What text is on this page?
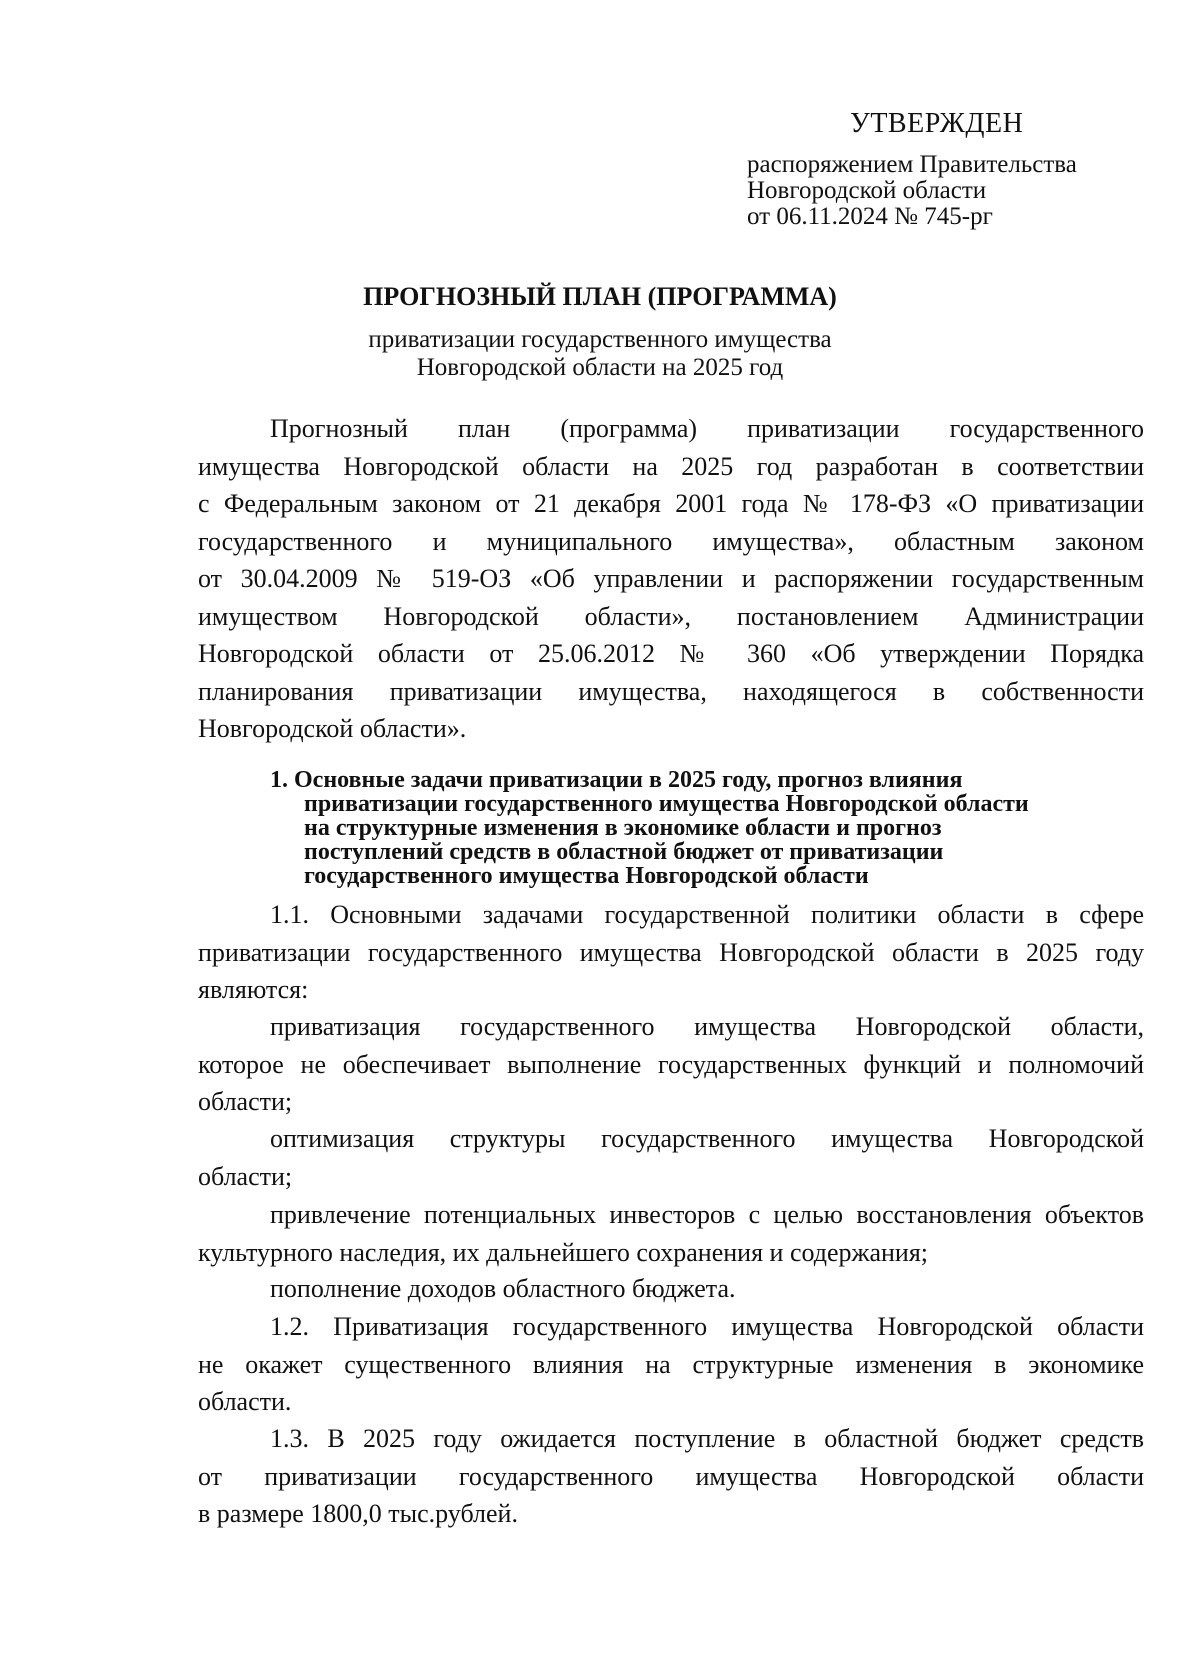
УТВЕРЖДЕН
распоряжением Правительства
Новгородской области
от 06.11.2024 № 745-рг
ПРОГНОЗНЫЙ ПЛАН (ПРОГРАММА)
приватизации государственного имущества
Новгородской области на 2025 год
Прогнозный план (программа) приватизации государственного
имущества Новгородской области на 2025 год разработан в соответствии
с Федеральным законом от 21 декабря 2001 года № 178-ФЗ «О приватизации
государственного и муниципального имущества», областным законом
от 30.04.2009 № 519-ОЗ «Об управлении и распоряжении государственным
имуществом Новгородской области», постановлением Администрации
Новгородской области от 25.06.2012 № 360 «Об утверждении Порядка
планирования приватизации имущества, находящегося в собственности
Новгородской области».
1. Основные задачи приватизации в 2025 году, прогноз влияния
приватизации государственного имущества Новгородской области
на структурные изменения в экономике области и прогноз
поступлений средств в областной бюджет от приватизации
государственного имущества Новгородской области
1.1. Основными задачами государственной политики области в сфере
приватизации государственного имущества Новгородской области в 2025 году
являются:
приватизация государственного имущества Новгородской области,
которое не обеспечивает выполнение государственных функций и полномочий
области;
оптимизация структуры государственного имущества Новгородской
области;
привлечение потенциальных инвесторов с целью восстановления объектов
культурного наследия, их дальнейшего сохранения и содержания;
пополнение доходов областного бюджета.
1.2. Приватизация государственного имущества Новгородской области
не окажет существенного влияния на структурные изменения в экономике
области.
1.3. В 2025 году ожидается поступление в областной бюджет средств
от приватизации государственного имущества Новгородской области
в размере 1800,0 тыс.рублей.
